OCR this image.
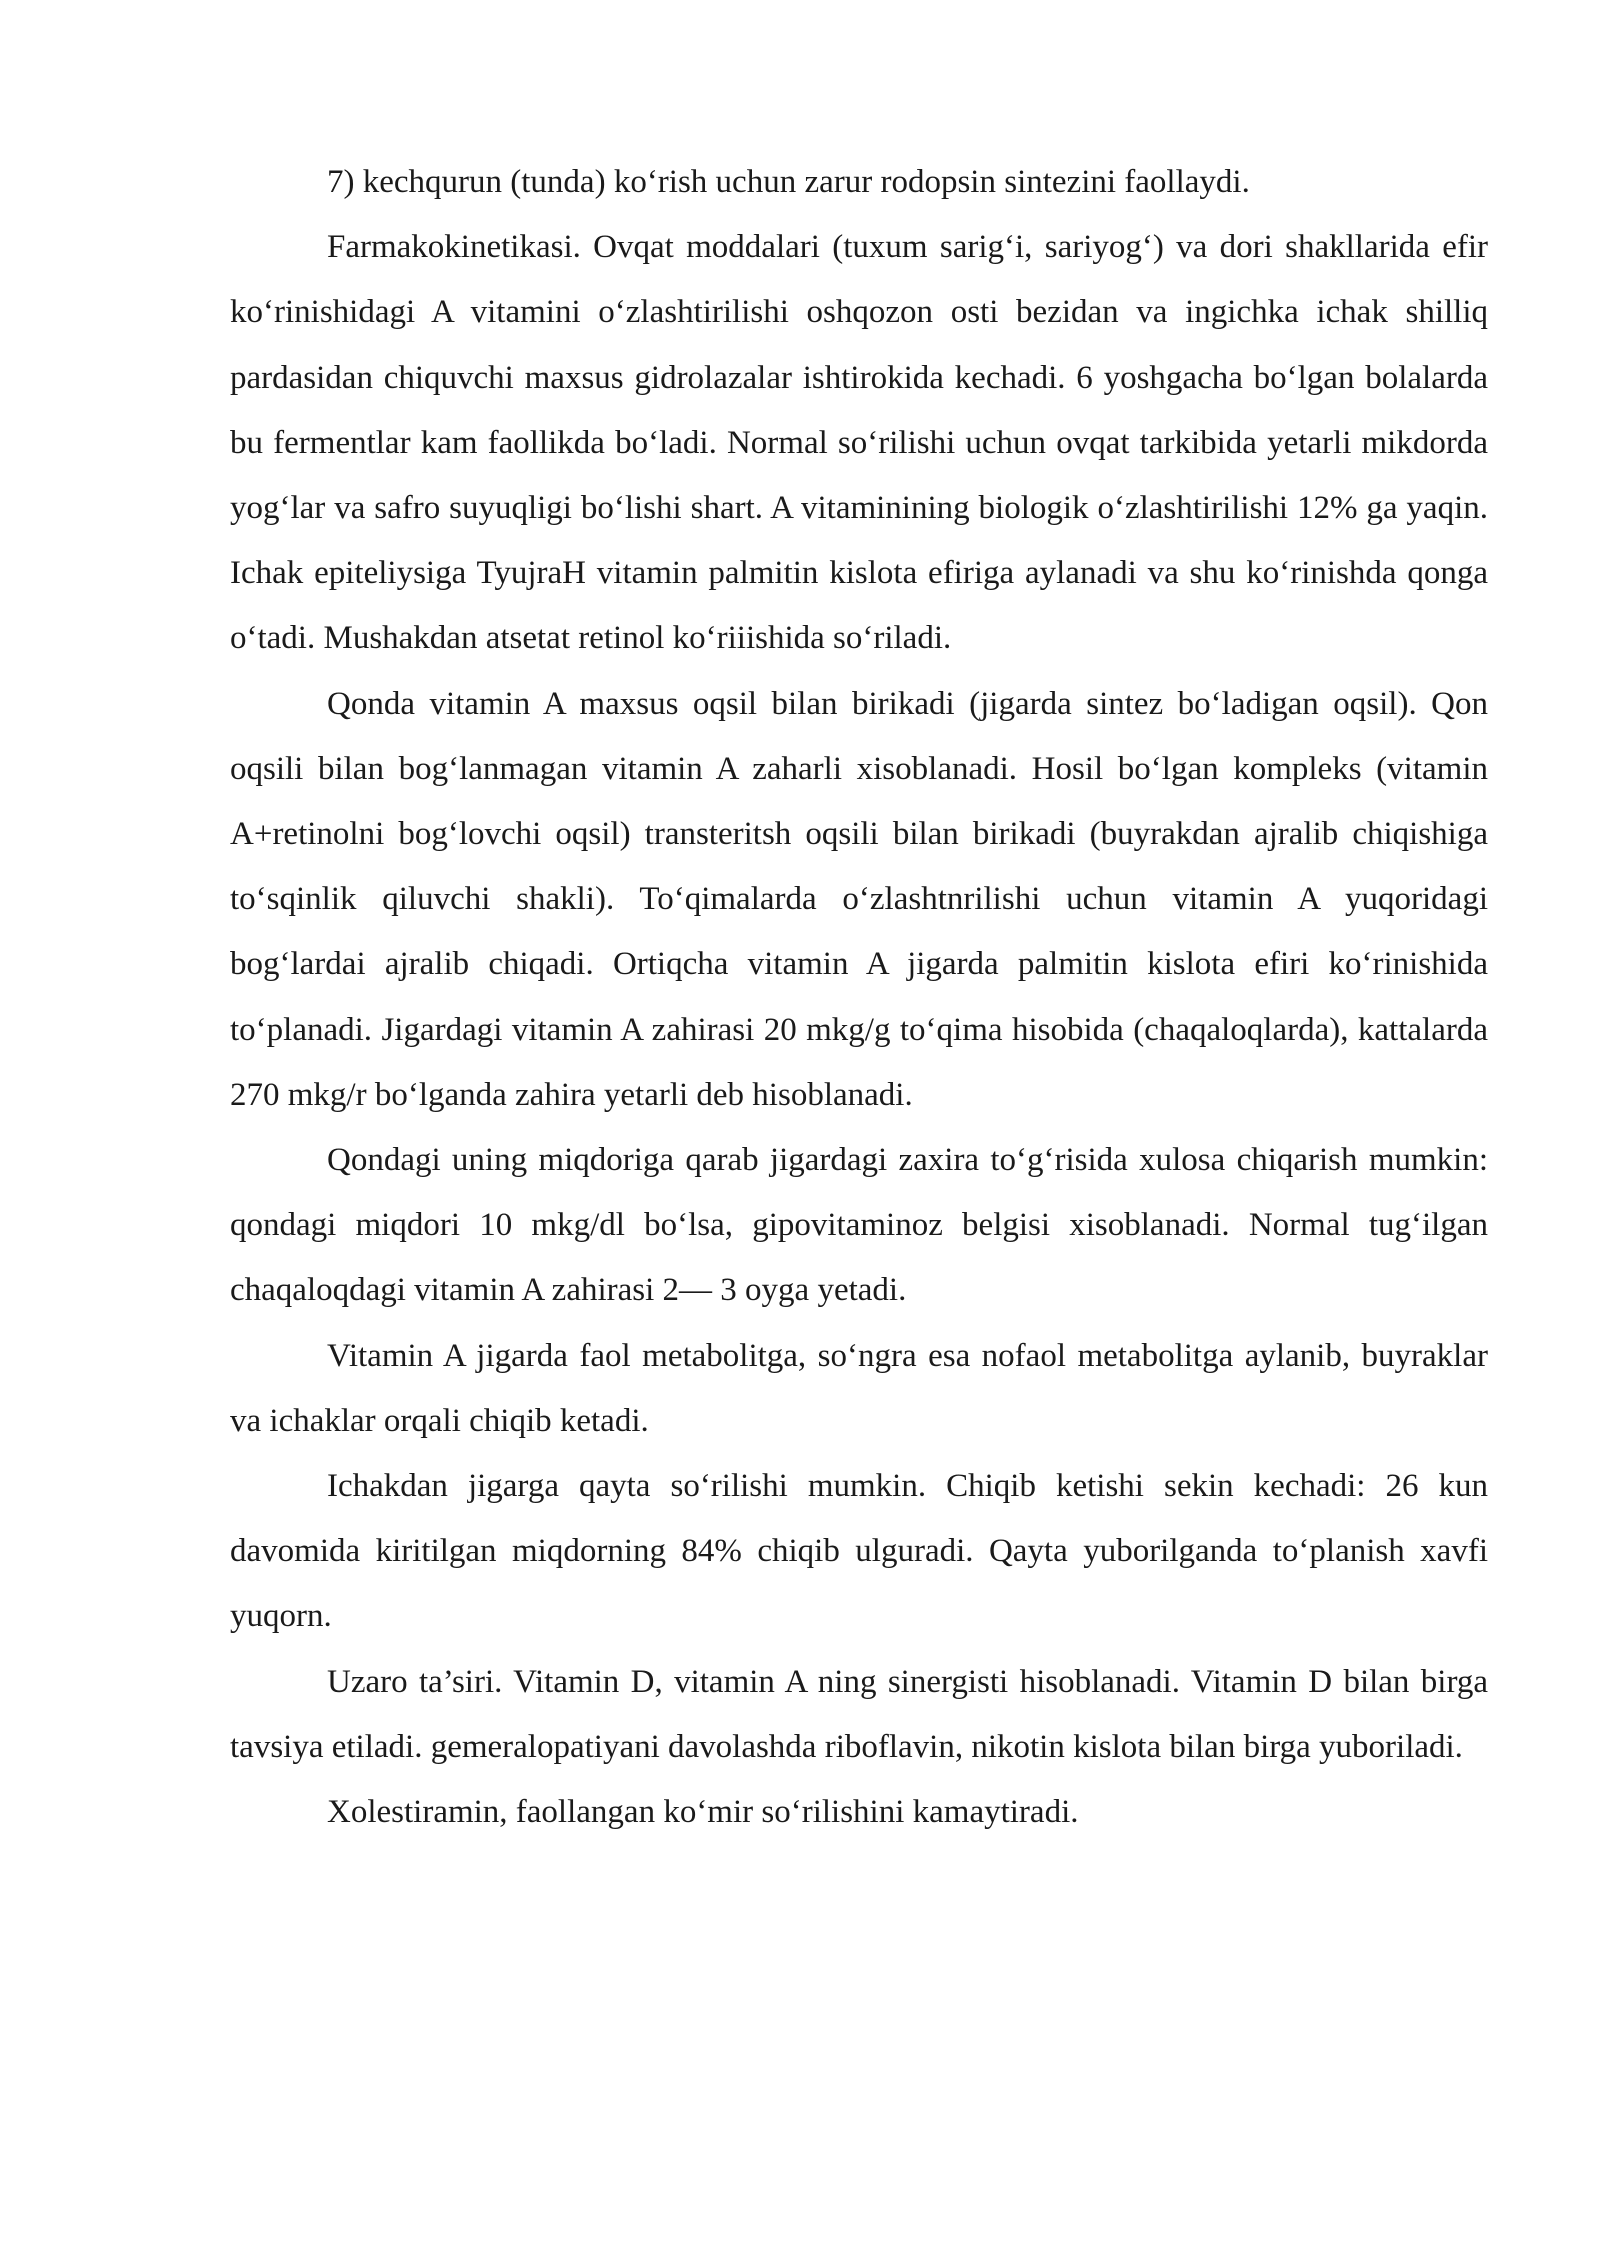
7) kechqurun (tunda) ko‘rish uchun zarur rodopsin sintezini faollaydi.

Farmakokinetikasi. Ovqat moddalari (tuxum sarig‘i, sariyog‘) va dori shakllarida efir ko‘rinishidagi A vitamini o‘zlashtirilishi oshqozon osti bezidan va ingichka ichak shilliq pardasidan chiquvchi maxsus gidrolazalar ishtirokida kechadi. 6 yoshgacha bo‘lgan bolalarda bu fermentlar kam faollikda bo‘ladi. Normal so‘rilishi uchun ovqat tarkibida yetarli mikdorda yog‘lar va safro suyuqligi bo‘lishi shart. A vitaminining biologik o‘zlashtirilishi 12% ga yaqin. Ichak epiteliysiga TyujraH vitamin palmitin kislota efiriga aylanadi va shu ko‘rinishda qonga o‘tadi. Mushakdan atsetat retinol ko‘riiishida so‘riladi.

Qonda vitamin A maxsus oqsil bilan birikadi (jigarda sintez bo‘ladigan oqsil). Qon oqsili bilan bog‘lanmagan vitamin A zaharli xisoblanadi. Hosil bo‘lgan kompleks (vitamin A+retinolni bog‘lovchi oqsil) transteritsh oqsili bilan birikadi (buyrakdan ajralib chiqishiga to‘sqinlik qiluvchi shakli). To‘qimalarda o‘zlashtnrilishi uchun vitamin A yuqoridagi bog‘lardai ajralib chiqadi. Ortiqcha vitamin A jigarda palmitin kislota efiri ko‘rinishida to‘planadi. Jigardagi vitamin A zahirasi 20 mkg/g to‘qima hisobida (chaqaloqlarda), kattalarda 270 mkg/r bo‘lganda zahira yetarli deb hisoblanadi.

Qondagi uning miqdoriga qarab jigardagi zaxira to‘g‘risida xulosa chiqarish mumkin: qondagi miqdori 10 mkg/dl bo‘lsa, gipovitaminoz belgisi xisoblanadi. Normal tug‘ilgan chaqaloqdagi vitamin A zahirasi 2— 3 oyga yetadi.

Vitamin A jigarda faol metabolitga, so‘ngra esa nofaol metabolitga aylanib, buyraklar va ichaklar orqali chiqib ketadi.

Ichakdan jigarga qayta so‘rilishi mumkin. Chiqib ketishi sekin kechadi: 26 kun davomida kiritilgan miqdorning 84% chiqib ulguradi. Qayta yuborilganda to‘planish xavfi yuqorn.

Uzaro ta’siri. Vitamin D, vitamin A ning sinergisti hisoblanadi. Vitamin D bilan birga tavsiya etiladi. gemeralopatiyani davolashda riboflavin, nikotin kislota bilan birga yuboriladi.

Xolestiramin, faollangan ko‘mir so‘rilishini kamaytiradi.
